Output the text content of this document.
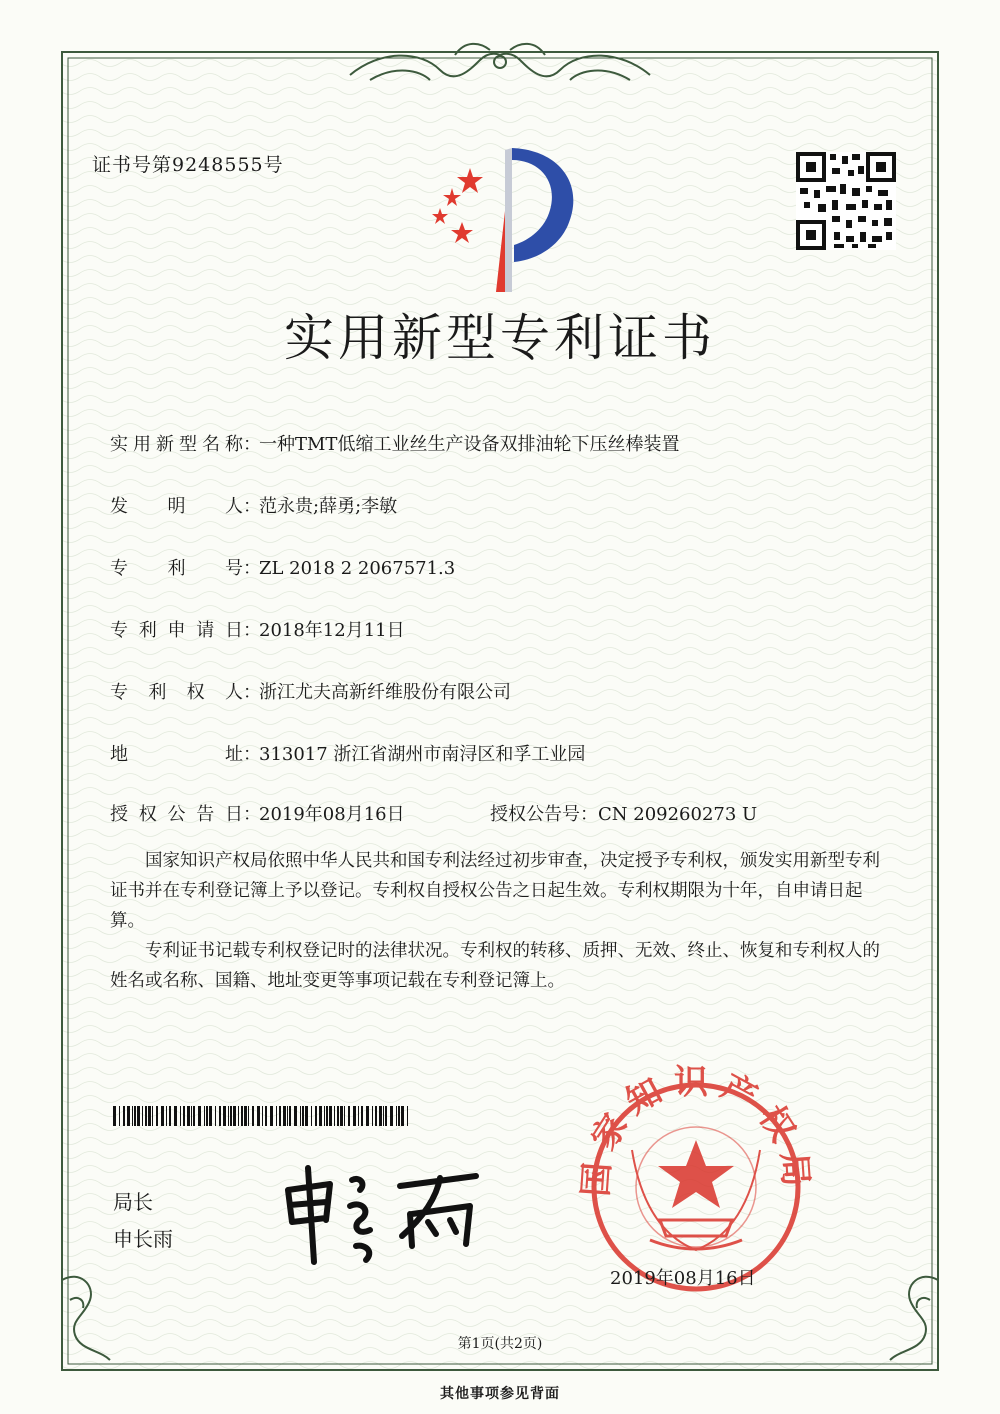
国家知识产权局
证书号第9248555号
实用新型专利证书
实用新型名称：一种TMT低缩工业丝生产设备双排油轮下压丝棒装置
发明人：范永贵;薛勇;李敏
专利号：ZL 2018 2 2067571.3
专利申请日：2018年12月11日
专利权人：浙江尤夫高新纤维股份有限公司
地址：313017 浙江省湖州市南浔区和孚工业园
授权公告日：2019年08月16日	授权公告号：CN 209260273 U
国家知识产权局依照中华人民共和国专利法经过初步审查，决定授予专利权，颁发实用新型专利证书并在专利登记簿上予以登记。专利权自授权公告之日起生效。专利权期限为十年，自申请日起算。
专利证书记载专利权登记时的法律状况。专利权的转移、质押、无效、终止、恢复和专利权人的姓名或名称、国籍、地址变更等事项记载在专利登记簿上。
局长
申长雨
2019年08月16日
第1页(共2页)
其他事项参见背面
